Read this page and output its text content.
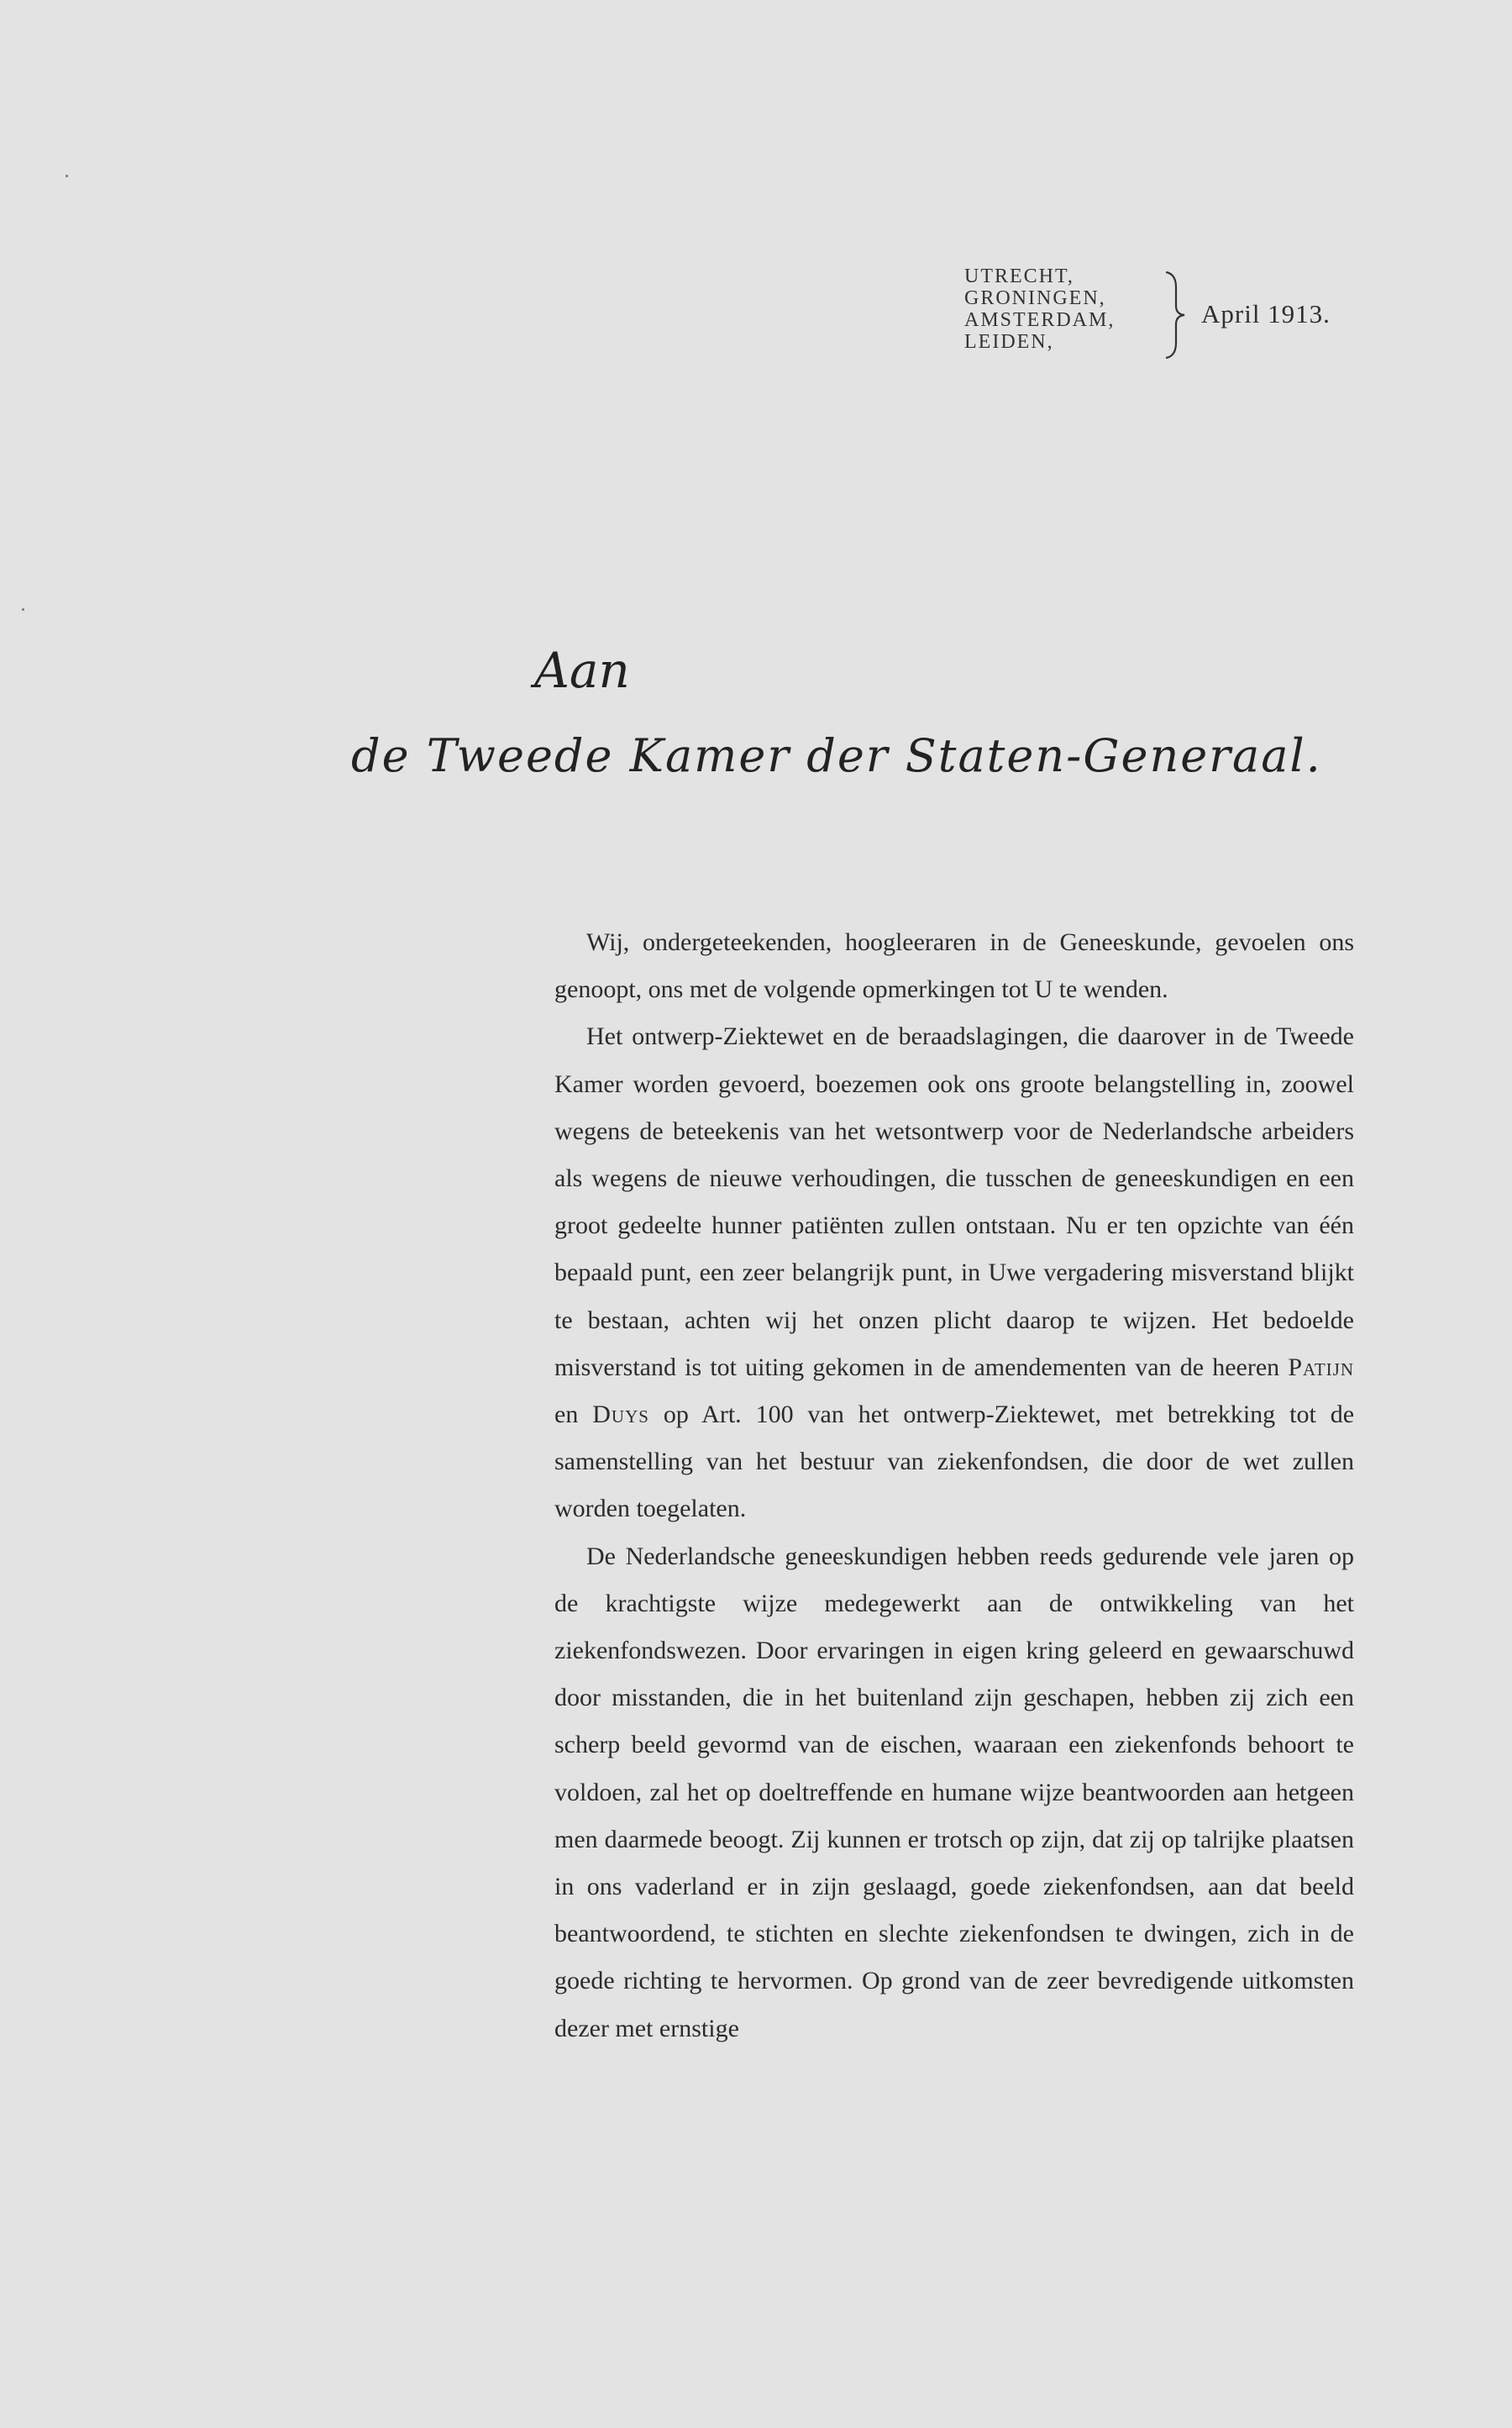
UTRECHT,
GRONINGEN,
AMSTERDAM,
LEIDEN,
April 1913.
Aan
de Tweede Kamer der Staten-Generaal.

Wij, ondergeteekenden, hoogleeraren in de Geneeskunde, gevoelen ons genoopt, ons met de volgende opmerkingen tot U te wenden.

Het ontwerp-Ziektewet en de beraadslagingen, die daarover in de Tweede Kamer worden gevoerd, boezemen ook ons groote belangstelling in, zoowel wegens de beteekenis van het wetsontwerp voor de Nederlandsche arbeiders als wegens de nieuwe verhoudingen, die tusschen de geneeskundigen en een groot gedeelte hunner patiënten zullen ontstaan. Nu er ten opzichte van één bepaald punt, een zeer belangrijk punt, in Uwe vergadering misverstand blijkt te bestaan, achten wij het onzen plicht daarop te wijzen. Het bedoelde misverstand is tot uiting gekomen in de amendementen van de heeren Patijn en Duys op Art. 100 van het ontwerp-Ziektewet, met betrekking tot de samenstelling van het bestuur van ziekenfondsen, die door de wet zullen worden toegelaten.

De Nederlandsche geneeskundigen hebben reeds gedurende vele jaren op de krachtigste wijze medegewerkt aan de ontwikkeling van het ziekenfondswezen. Door ervaringen in eigen kring geleerd en gewaarschuwd door misstanden, die in het buitenland zijn geschapen, hebben zij zich een scherp beeld gevormd van de eischen, waaraan een ziekenfonds behoort te voldoen, zal het op doeltreffende en humane wijze beantwoorden aan hetgeen men daarmede beoogt. Zij kunnen er trotsch op zijn, dat zij op talrijke plaatsen in ons vaderland er in zijn geslaagd, goede ziekenfondsen, aan dat beeld beantwoordend, te stichten en slechte ziekenfondsen te dwingen, zich in de goede richting te hervormen. Op grond van de zeer bevredigende uitkomsten dezer met ernstige
